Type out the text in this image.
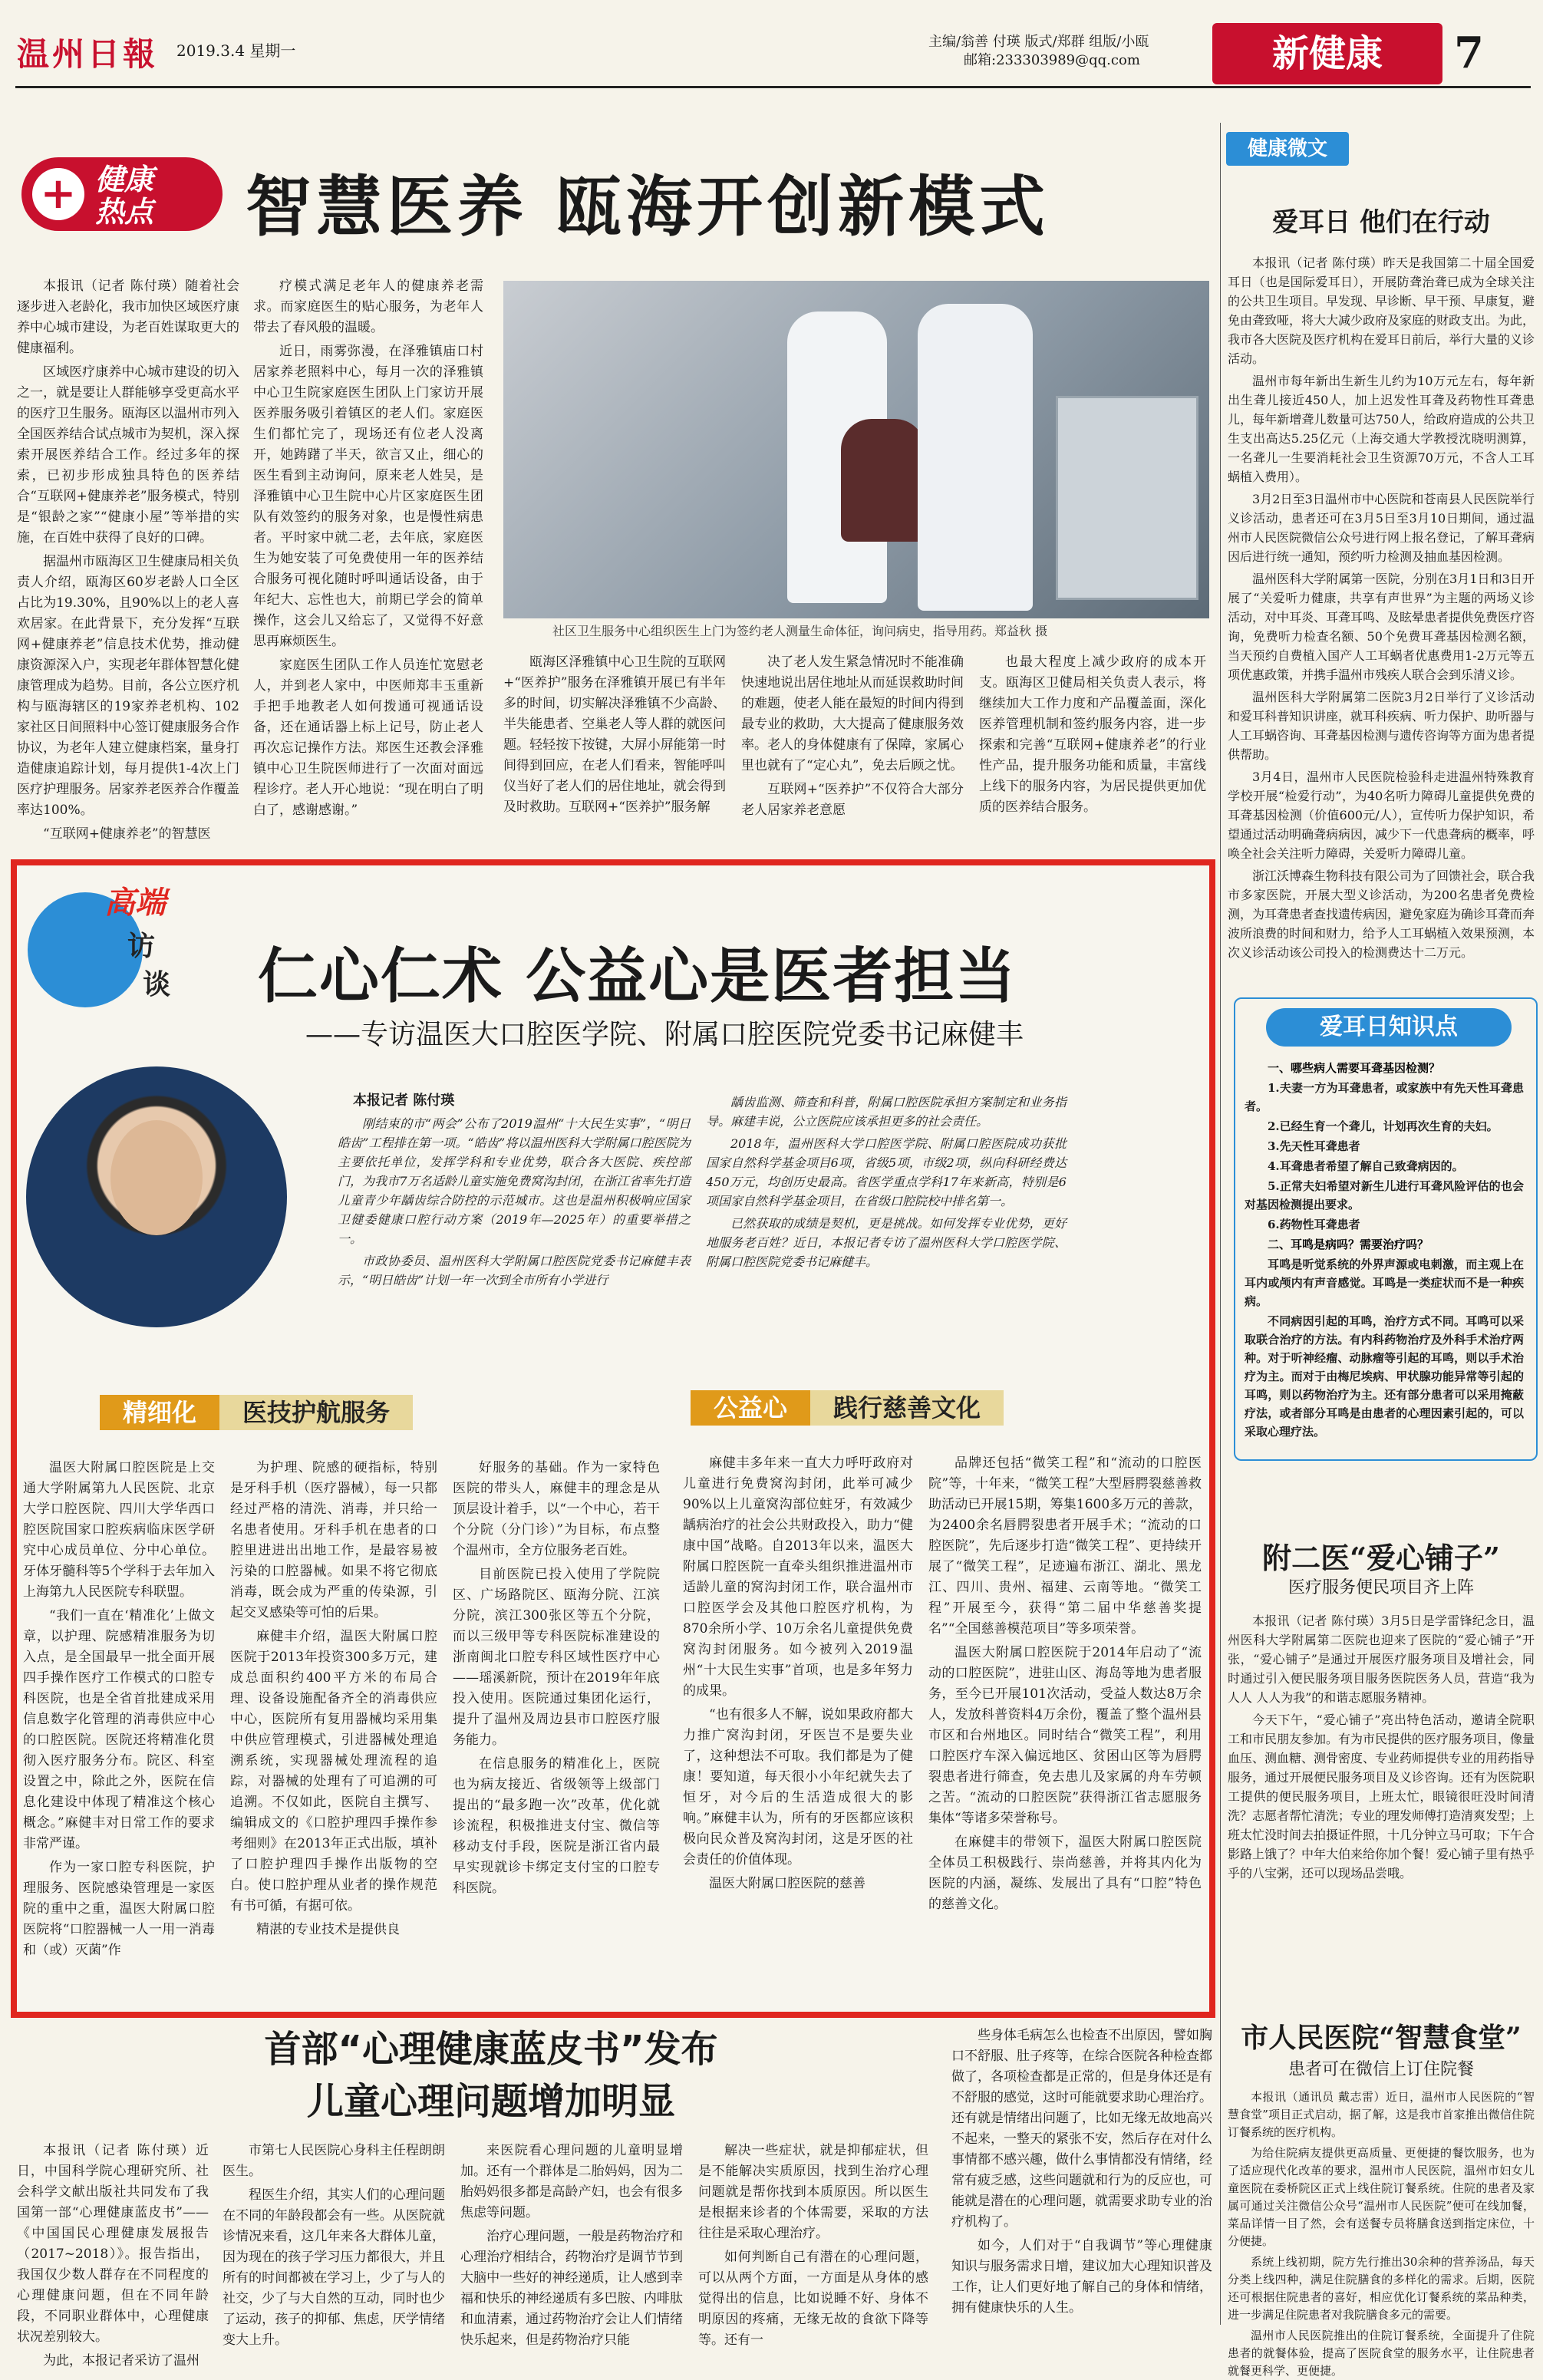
温州日報 2019.3.4 星期一	主编/翁善 付瑛 版式/郑群 组版/小瓯
邮箱:233303989@qq.com	新健康	7
+ 健康
热点 智慧医养 瓯海开创新模式

本报讯（记者 陈付瑛）随着社会逐步进入老龄化，我市加快区域医疗康养中心城市建设，为老百姓谋取更大的健康福利。

区域医疗康养中心城市建设的切入之一，就是要让人群能够享受更高水平的医疗卫生服务。瓯海区以温州市列入全国医养结合试点城市为契机，深入探索开展医养结合工作。经过多年的探索，已初步形成独具特色的医养结合“互联网+健康养老”服务模式，特别是“银龄之家”“健康小屋”等举措的实施，在百姓中获得了良好的口碑。

据温州市瓯海区卫生健康局相关负责人介绍，瓯海区60岁老龄人口全区占比为19.30%，且90%以上的老人喜欢居家。在此背景下，充分发挥“互联网+健康养老”信息技术优势，推动健康资源深入户，实现老年群体智慧化健康管理成为趋势。目前，各公立医疗机构与瓯海辖区的19家养老机构、102家社区日间照料中心签订健康服务合作协议，为老年人建立健康档案，量身打造健康追踪计划，每月提供1-4次上门医疗护理服务。居家养老医养合作覆盖率达100%。

“互联网+健康养老”的智慧医

疗模式满足老年人的健康养老需求。而家庭医生的贴心服务，为老年人带去了春风般的温暖。

近日，雨雾弥漫，在泽雅镇庙口村居家养老照料中心，每月一次的泽雅镇中心卫生院家庭医生团队上门家访开展医养服务吸引着镇区的老人们。家庭医生们都忙完了，现场还有位老人没离开，她踌躇了半天，欲言又止，细心的医生看到主动询问，原来老人姓吴，是泽雅镇中心卫生院中心片区家庭医生团队有效签约的服务对象，也是慢性病患者。平时家中就二老，去年底，家庭医生为她安装了可免费使用一年的医养结合服务可视化随时呼叫通话设备，由于年纪大、忘性也大，前期已学会的简单操作，这会儿又给忘了，又觉得不好意思再麻烦医生。

家庭医生团队工作人员连忙宽慰老人，并到老人家中，中医师郑丰玉重新手把手地教老人如何拨通可视通话设备，还在通话器上标上记号，防止老人再次忘记操作方法。郑医生还教会泽雅镇中心卫生院医师进行了一次面对面远程诊疗。老人开心地说：“现在明白了明白了，感谢感谢。”

社区卫生服务中心组织医生上门为签约老人测量生命体征，询问病史，指导用药。郑益秋 摄

瓯海区泽雅镇中心卫生院的互联网+“医养护”服务在泽雅镇开展已有半年多的时间，切实解决泽雅镇不少高龄、半失能患者、空巢老人等人群的就医问题。轻轻按下按键，大屏小屏能第一时间得到回应，在老人们看来，智能呼叫仪当好了老人们的居住地址，就会得到及时救助。互联网+“医养护”服务解

决了老人发生紧急情况时不能准确快速地说出居住地址从而延误救助时间的难题，使老人能在最短的时间内得到最专业的救助，大大提高了健康服务效率。老人的身体健康有了保障，家属心里也就有了“定心丸”，免去后顾之忧。

互联网+“医养护”不仅符合大部分老人居家养老意愿

也最大程度上减少政府的成本开支。瓯海区卫健局相关负责人表示，将继续加大工作力度和产品覆盖面，深化医养管理机制和签约服务内容，进一步探索和完善“互联网+健康养老”的行业性产品，提升服务功能和质量，丰富线上线下的服务内容，为居民提供更加优质的医养结合服务。

健康微文
爱耳日 他们在行动

本报讯（记者 陈付瑛）昨天是我国第二十届全国爱耳日（也是国际爱耳日），开展防聋治聋已成为全球关注的公共卫生项目。早发现、早诊断、早干预、早康复，避免由聋致哑，将大大减少政府及家庭的财政支出。为此，我市各大医院及医疗机构在爱耳日前后，举行大量的义诊活动。

温州市每年新出生新生儿约为10万元左右，每年新出生聋儿接近450人，加上迟发性耳聋及药物性耳聋患儿，每年新增聋儿数量可达750人，给政府造成的公共卫生支出高达5.25亿元（上海交通大学教授沈晓明测算，一名聋儿一生要消耗社会卫生资源70万元，不含人工耳蜗植入费用）。

3月2日至3日温州市中心医院和苍南县人民医院举行义诊活动，患者还可在3月5日至3月10日期间，通过温州市人民医院微信公众号进行网上报名登记，了解耳聋病因后进行统一通知，预约听力检测及抽血基因检测。

温州医科大学附属第一医院，分别在3月1日和3日开展了“关爱听力健康，共享有声世界”为主题的两场义诊活动，对中耳炎、耳聋耳鸣、及眩晕患者提供免费医疗咨询，免费听力检查名额、50个免费耳聋基因检测名额，当天预约自费植入国产人工耳蜗者优惠费用1-2万元等五项优惠政策，并携手温州市残疾人联合会到乐清义诊。

温州医科大学附属第二医院3月2日举行了义诊活动和爱耳科普知识讲座，就耳科疾病、听力保护、助听器与人工耳蜗咨询、耳聋基因检测与遗传咨询等方面为患者提供帮助。

3月4日，温州市人民医院检验科走进温州特殊教育学校开展“检爱行动”，为40名听力障碍儿童提供免费的耳聋基因检测（价值600元/人），宣传听力保护知识，希望通过活动明确聋病病因，减少下一代患聋病的概率，呼唤全社会关注听力障碍，关爱听力障碍儿童。

浙江沃博森生物科技有限公司为了回馈社会，联合我市多家医院，开展大型义诊活动，为200名患者免费检测，为耳聋患者查找遗传病因，避免家庭为确诊耳聋而奔波所浪费的时间和财力，给予人工耳蜗植入效果预测，本次义诊活动该公司投入的检测费达十二万元。

爱耳日知识点

一、哪些病人需要耳聋基因检测？

1.夫妻一方为耳聋患者，或家族中有先天性耳聋患者。

2.已经生育一个聋儿，计划再次生育的夫妇。

3.先天性耳聋患者

4.耳聋患者希望了解自己致聋病因的。

5.正常夫妇希望对新生儿进行耳聋风险评估的也会对基因检测提出要求。

6.药物性耳聋患者

二、耳鸣是病吗？需要治疗吗？

耳鸣是听觉系统的外界声源或电刺激，而主观上在耳内或颅内有声音感觉。耳鸣是一类症状而不是一种疾病。

不同病因引起的耳鸣，治疗方式不同。耳鸣可以采取联合治疗的方法。有内科药物治疗及外科手术治疗两种。对于听神经瘤、动脉瘤等引起的耳鸣，则以手术治疗为主。而对于由梅尼埃病、甲状腺功能异常等引起的耳鸣，则以药物治疗为主。还有部分患者可以采用掩蔽疗法，或者部分耳鸣是由患者的心理因素引起的，可以采取心理疗法。

附二医“爱心铺子”
医疗服务便民项目齐上阵

本报讯（记者 陈付瑛）3月5日是学雷锋纪念日，温州医科大学附属第二医院也迎来了医院的“爱心铺子”开张，“爱心铺子”是通过开展医疗服务项目及增社会，同时通过引入便民服务项目服务医院医务人员，营造“我为人人 人人为我”的和谐志愿服务精神。

今天下午，“爱心铺子”亮出特色活动，邀请全院职工和市民朋友参加。有为市民提供的医疗服务项目，像量血压、测血糖、测骨密度、专业药师提供专业的用药指导服务，通过开展便民服务项目及义诊咨询。还有为医院职工提供的便民服务项目，上班太忙，眼镜很旺没时间清洗？志愿者帮忙清洗；专业的理发师傅打造清爽发型；上班太忙没时间去拍摄证件照，十几分钟立马可取；下午合影路上饿了？中年大伯来给你加个餐！爱心铺子里有热乎乎的八宝粥，还可以现场品尝哦。

市人民医院“智慧食堂”
患者可在微信上订住院餐

本报讯（通讯员 戴志雷）近日，温州市人民医院的“智慧食堂”项目正式启动，据了解，这是我市首家推出微信住院订餐系统的医疗机构。

为给住院病友提供更高质量、更便捷的餐饮服务，也为了适应现代化改革的要求，温州市人民医院，温州市妇女儿童医院在委桥院区正式上线住院订餐系统。住院的患者及家属可通过关注微信公众号“温州市人民医院”便可在线加餐，菜品详情一目了然，会有送餐专员将膳食送到指定床位，十分便捷。

系统上线初期，院方先行推出30余种的营养汤品，每天分类上线四种，满足住院膳食的多样化的需求。后期，医院还可根据住院患者的喜好，相应优化订餐系统的菜品种类，进一步满足住院患者对我院膳食多元的需要。

温州市人民医院推出的住院订餐系统，全面提升了住院患者的就餐体验，提高了医院食堂的服务水平，让住院患者就餐更科学、更便捷。

高端
访
谈 仁心仁术 公益心是医者担当
——专访温医大口腔医学院、附属口腔医院党委书记麻健丰
本报记者 陈付瑛

刚结束的市“两会”公布了2019温州“十大民生实事”，“明日皓齿”工程排在第一项。“皓齿”将以温州医科大学附属口腔医院为主要依托单位，发挥学科和专业优势，联合各大医院、疾控部门，为我市7万名适龄儿童实施免费窝沟封闭，在浙江省率先打造儿童青少年龋齿综合防控的示范城市。这也是温州积极响应国家卫健委健康口腔行动方案（2019年—2025年）的重要举措之一。

市政协委员、温州医科大学附属口腔医院党委书记麻健丰表示，“明日皓齿”计划一年一次到全市所有小学进行

龋齿监测、筛查和科普，附属口腔医院承担方案制定和业务指导。麻建丰说，公立医院应该承担更多的社会责任。

2018年，温州医科大学口腔医学院、附属口腔医院成功获批国家自然科学基金项目6项，省级5项，市级2项，纵向科研经费达450万元，均创历史最高。省医学重点学科17年来新高，特别是6项国家自然科学基金项目，在省级口腔院校中排名第一。

已然获取的成绩是契机，更是挑战。如何发挥专业优势，更好地服务老百姓？近日，本报记者专访了温州医科大学口腔医学院、附属口腔医院党委书记麻健丰。

精细化 医技护航服务	公益心 践行慈善文化

温医大附属口腔医院是上交通大学附属第九人民医院、北京大学口腔医院、四川大学华西口腔医院国家口腔疾病临床医学研究中心成员单位、分中心单位。牙体牙髓科等5个学科于去年加入上海第九人民医院专科联盟。

“我们一直在‘精准化’上做文章，以护理、院感精准服务为切入点，是全国最早一批全面开展四手操作医疗工作模式的口腔专科医院，也是全省首批建成采用信息数字化管理的消毒供应中心的口腔医院。医院还将精准化贯彻入医疗服务分布。院区、科室设置之中，除此之外，医院在信息化建设中体现了精准这个核心概念。”麻健丰对日常工作的要求非常严谨。

作为一家口腔专科医院，护理服务、医院感染管理是一家医院的重中之重，温医大附属口腔医院将“口腔器械一人一用一消毒和（或）灭菌”作

为护理、院感的硬指标，特别是牙科手机（医疗器械），每一只都经过严格的清洗、消毒，并只给一名患者使用。牙科手机在患者的口腔里进进出出地工作，是最容易被污染的口腔器械。如果不将它彻底消毒，既会成为严重的传染源，引起交叉感染等可怕的后果。

麻健丰介绍，温医大附属口腔医院于2013年投资300多万元，建成总面积约400平方米的布局合理、设备设施配备齐全的消毒供应中心，医院所有复用器械均采用集中供应管理模式，引进器械处理追溯系统，实现器械处理流程的追踪，对器械的处理有了可追溯的可追溯。不仅如此，医院自主撰写、编辑成文的《口腔护理四手操作参考细则》在2013年正式出版，填补了口腔护理四手操作出版物的空白。使口腔护理从业者的操作规范有书可循，有据可依。

精湛的专业技术是提供良

好服务的基础。作为一家特色医院的带头人，麻健丰的理念是从顶层设计着手，以“一个中心，若干个分院（分门诊）”为目标，布点整个温州市，全方位服务老百姓。

目前医院已投入使用了学院院区、广场路院区、瓯海分院、江滨分院，滨江300张区等五个分院，而以三级甲等专科医院标准建设的浙南闽北口腔专科区域性医疗中心——瑶溪新院，预计在2019年年底投入使用。医院通过集团化运行，提升了温州及周边县市口腔医疗服务能力。

在信息服务的精准化上，医院也为病友接近、省级领等上级部门提出的“最多跑一次”改革，优化就诊流程，积极推进支付宝、微信等移动支付手段，医院是浙江省内最早实现就诊卡绑定支付宝的口腔专科医院。

麻健丰多年来一直大力呼吁政府对儿童进行免费窝沟封闭，此举可减少90%以上儿童窝沟部位蛀牙，有效减少龋病治疗的社会公共财政投入，助力“健康中国”战略。自2013年以来，温医大附属口腔医院一直牵头组织推进温州市适龄儿童的窝沟封闭工作，联合温州市口腔医学会及其他口腔医疗机构，为870余所小学、10万余名儿童提供免费窝沟封闭服务。如今被列入2019温州“十大民生实事”首项，也是多年努力的成果。

“也有很多人不解，说如果政府都大力推广窝沟封闭，牙医岂不是要失业了，这种想法不可取。我们都是为了健康！要知道，每天很小小年纪就失去了恒牙，对今后的生活造成很大的影响。”麻健丰认为，所有的牙医都应该积极向民众普及窝沟封闭，这是牙医的社会责任的价值体现。

温医大附属口腔医院的慈善

品牌还包括“微笑工程”和“流动的口腔医院”等，十年来，“微笑工程”大型唇腭裂慈善救助活动已开展15期，筹集1600多万元的善款，为2400余名唇腭裂患者开展手术；“流动的口腔医院”，先后逐步打造“微笑工程”、更持续开展了“微笑工程”，足迹遍布浙江、湖北、黑龙江、四川、贵州、福建、云南等地。“微笑工程”开展至今，获得“第二届中华慈善奖提名”“全国慈善模范项目”等多项荣誉。

温医大附属口腔医院于2014年启动了“流动的口腔医院”，进驻山区、海岛等地为患者服务，至今已开展101次活动，受益人数达8万余人，发放科普资料4万余份，覆盖了整个温州县市区和台州地区。同时结合“微笑工程”，利用口腔医疗车深入偏远地区、贫困山区等为唇腭裂患者进行筛查，免去患儿及家属的舟车劳顿之苦。“流动的口腔医院”获得浙江省志愿服务集体“等诸多荣誉称号。

在麻健丰的带领下，温医大附属口腔医院全体员工积极践行、崇尚慈善，并将其内化为医院的内涵，凝练、发展出了具有“口腔”特色的慈善文化。

首部“心理健康蓝皮书”发布
儿童心理问题增加明显

本报讯（记者 陈付瑛）近日，中国科学院心理研究所、社会科学文献出版社共同发布了我国第一部“心理健康蓝皮书”——《中国国民心理健康发展报告（2017~2018）》。报告指出，我国仅少数人群存在不同程度的心理健康问题，但在不同年龄段，不同职业群体中，心理健康状况差别较大。

为此，本报记者采访了温州

市第七人民医院心身科主任程朗朗医生。

程医生介绍，其实人们的心理问题在不同的年龄段都会有一些。从医院就诊情况来看，这几年来各大群体儿童，因为现在的孩子学习压力都很大，并且所有的时间都被在学习上，少了与人的社交，少了与大自然的互动，同时也少了运动，孩子的抑郁、焦虑，厌学情绪变大上升。

来医院看心理问题的儿童明显增加。还有一个群体是二胎妈妈，因为二胎妈妈很多都是高龄产妇，也会有很多焦虑等问题。

治疗心理问题，一般是药物治疗和心理治疗相结合，药物治疗是调节节到大脑中一些好的神经递质，让人感到幸福和快乐的神经递质有多巴胺、内啡肽和血清素，通过药物治疗会让人们情绪快乐起来，但是药物治疗只能

解决一些症状，就是抑郁症状，但是不能解决实质原因，找到生治疗心理问题就是帮你找到本质原因。所以医生是根据来诊者的个体需要，采取的方法往往是采取心理治疗。

如何判断自己有潜在的心理问题，可以从两个方面，一方面是从身体的感觉得出的信息，比如说睡不好、身体不明原因的疼痛，无缘无故的食欲下降等等。还有一

些身体毛病怎么也检查不出原因，譬如胸口不舒服、肚子疼等，在综合医院各种检查都做了，各项检查都是正常的，但是身体还是有不舒服的感觉，这时可能就要求助心理治疗。还有就是情绪出问题了，比如无缘无故地高兴不起来，一整天的紧张不安，然后存在对什么事情都不感兴趣，做什么事情都没有情绪，经常有疲乏感，这些问题就和行为的反应也，可能就是潜在的心理问题，就需要求助专业的治疗机构了。

如今，人们对于“自我调节”等心理健康知识与服务需求日增，建议加大心理知识普及工作，让人们更好地了解自己的身体和情绪，拥有健康快乐的人生。
